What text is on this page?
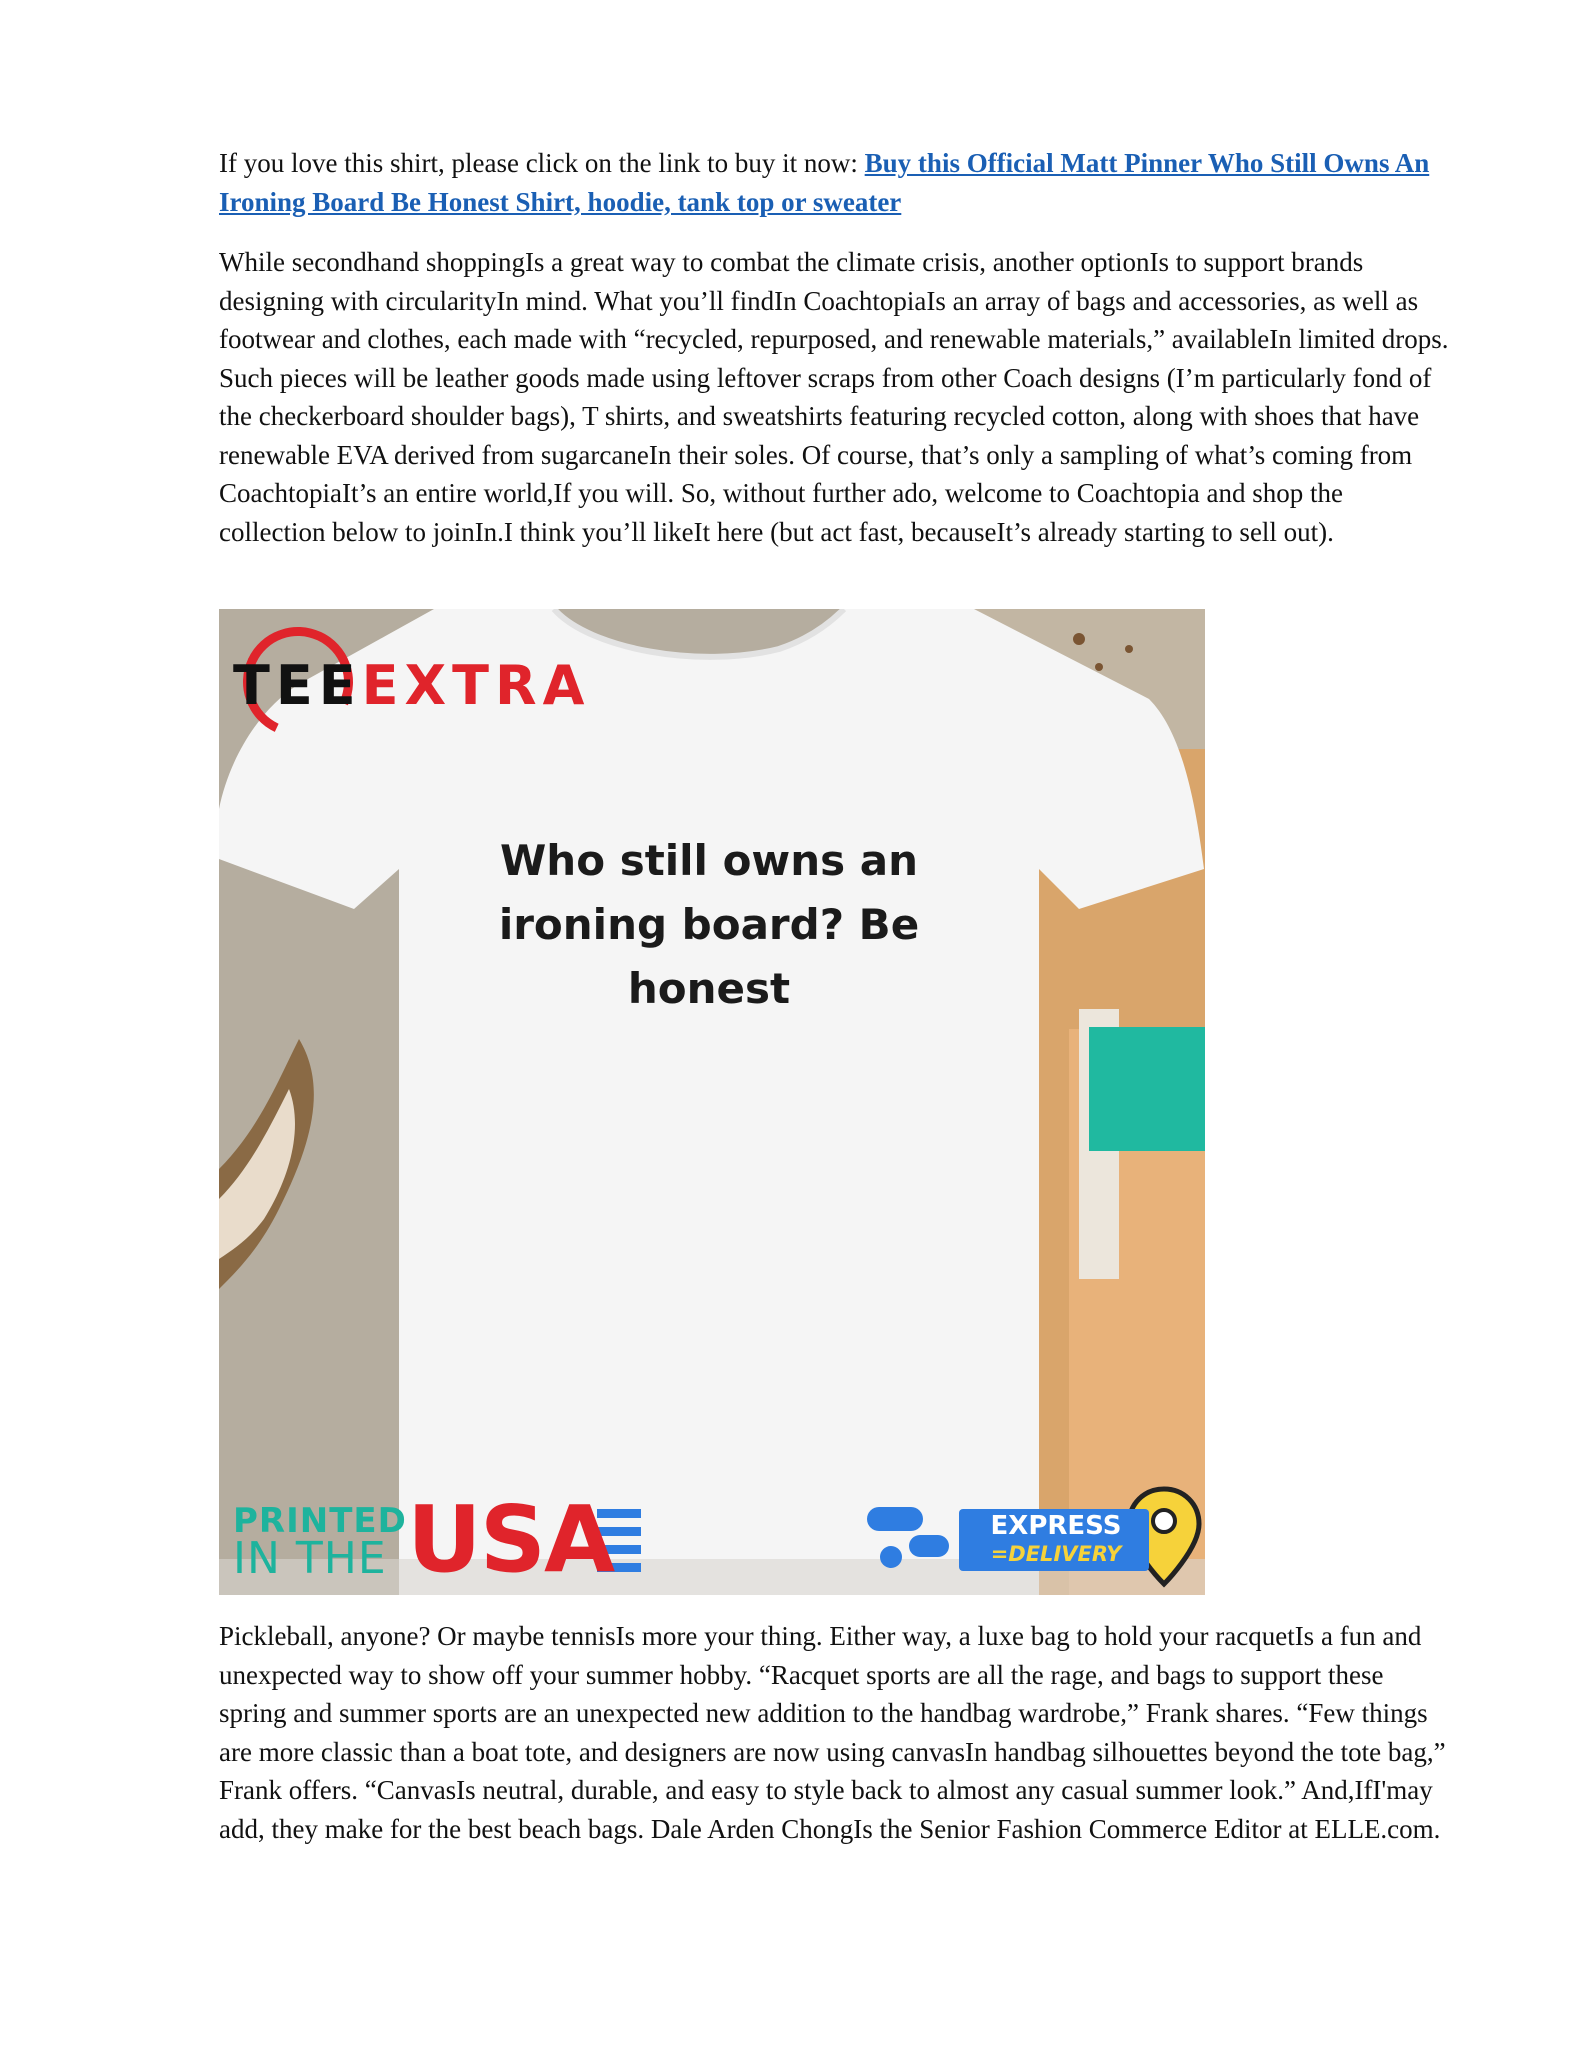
If you love this shirt, please click on the link to buy it now: Buy this Official Matt Pinner Who Still Owns An Ironing Board Be Honest Shirt, hoodie, tank top or sweater

While secondhand shoppingIs a great way to combat the climate crisis, another optionIs to support brands designing with circularityIn mind. What you’ll findIn CoachtopiaIs an array of bags and accessories, as well as footwear and clothes, each made with “recycled, repurposed, and renewable materials,” availableIn limited drops. Such pieces will be leather goods made using leftover scraps from other Coach designs (I’m particularly fond of the checkerboard shoulder bags), T shirts, and sweatshirts featuring recycled cotton, along with shoes that have renewable EVA derived from sugarcaneIn their soles. Of course, that’s only a sampling of what’s coming from CoachtopiaIt’s an entire world,If you will. So, without further ado, welcome to Coachtopia and shop the collection below to joinIn.I think you’ll likeIt here (but act fast, becauseIt’s already starting to sell out).

TEEEXTRA
Who still owns an ironing board? Be honest
PRINTED
IN THE USA	EXPRESS
=DELIVERY

Pickleball, anyone? Or maybe tennisIs more your thing. Either way, a luxe bag to hold your racquetIs a fun and unexpected way to show off your summer hobby. “Racquet sports are all the rage, and bags to support these spring and summer sports are an unexpected new addition to the handbag wardrobe,” Frank shares. “Few things are more classic than a boat tote, and designers are now using canvasIn handbag silhouettes beyond the tote bag,” Frank offers. “CanvasIs neutral, durable, and easy to style back to almost any casual summer look.” And,IfI'may add, they make for the best beach bags. Dale Arden ChongIs the Senior Fashion Commerce Editor at ELLE.com.
